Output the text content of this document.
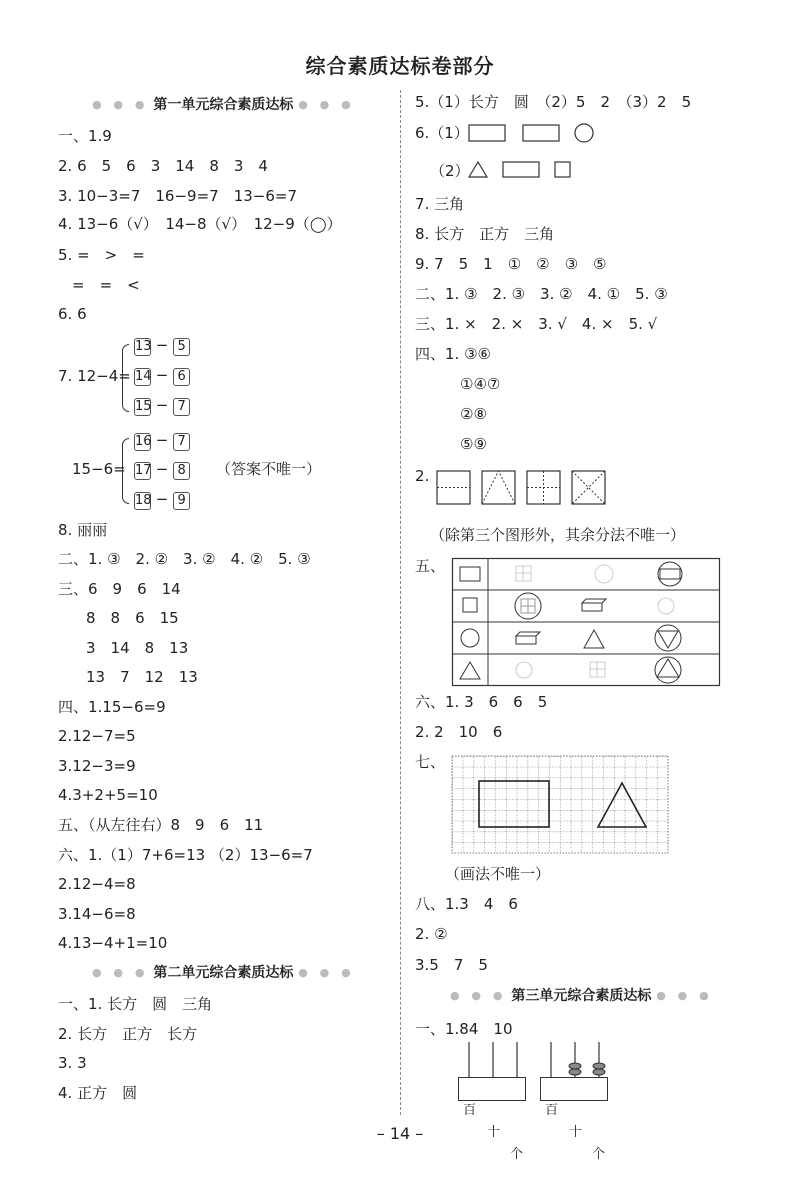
综合素质达标卷部分
● ● ● 第一单元综合素质达标 ● ● ●
一、1.9
2. 6　5　6　3　14　8　3　4
3. 10−3=7　16−9=7　13−6=7
4. 13−6（√）　14−8（√）　12−9（◯）
5. =　>　=
=　=　<
6. 6
7. 12−4=
13 − 5
14 − 6
15 − 7
15−6=
16 − 7
17 − 8
18 − 9
（答案不唯一）
8. 丽丽
二、1. ③　2. ②　3. ②　4. ②　5. ③
三、6　9　6　14
8　8　6　15
3　14　8　13
13　7　12　13
四、1.15−6=9
2.12−7=5
3.12−3=9
4.3+2+5=10
五、（从左往右）8　9　6　11
六、1.（1）7+6=13 （2）13−6=7
2.12−4=8
3.14−6=8
4.13−4+1=10
● ● ● 第二单元综合素质达标 ● ● ●
一、1. 长方　圆　三角
2. 长方　正方　长方
3. 3
4. 正方　圆
5.（1）长方　圆　（2）5　2　（3）2　5
6.（1）
（2）
7. 三角
8. 长方　正方　三角
9. 7　5　1　①　②　③　⑤
二、1. ③　2. ③　3. ②　4. ①　5. ③
三、1. ×　2. ×　3. √　4. ×　5. √
四、1. ③⑥
①④⑦
②⑧
⑤⑨
2.
（除第三个图形外，其余分法不唯一）
五、
六、1. 3　6　6　5
2. 2　10　6
七、
（画法不唯一）
八、1.3　4　6
2. ②
3.5　7　5
● ● ● 第三单元综合素质达标 ● ● ●
一、1.84　10

百

十

个

百

十

个

– 14 –
